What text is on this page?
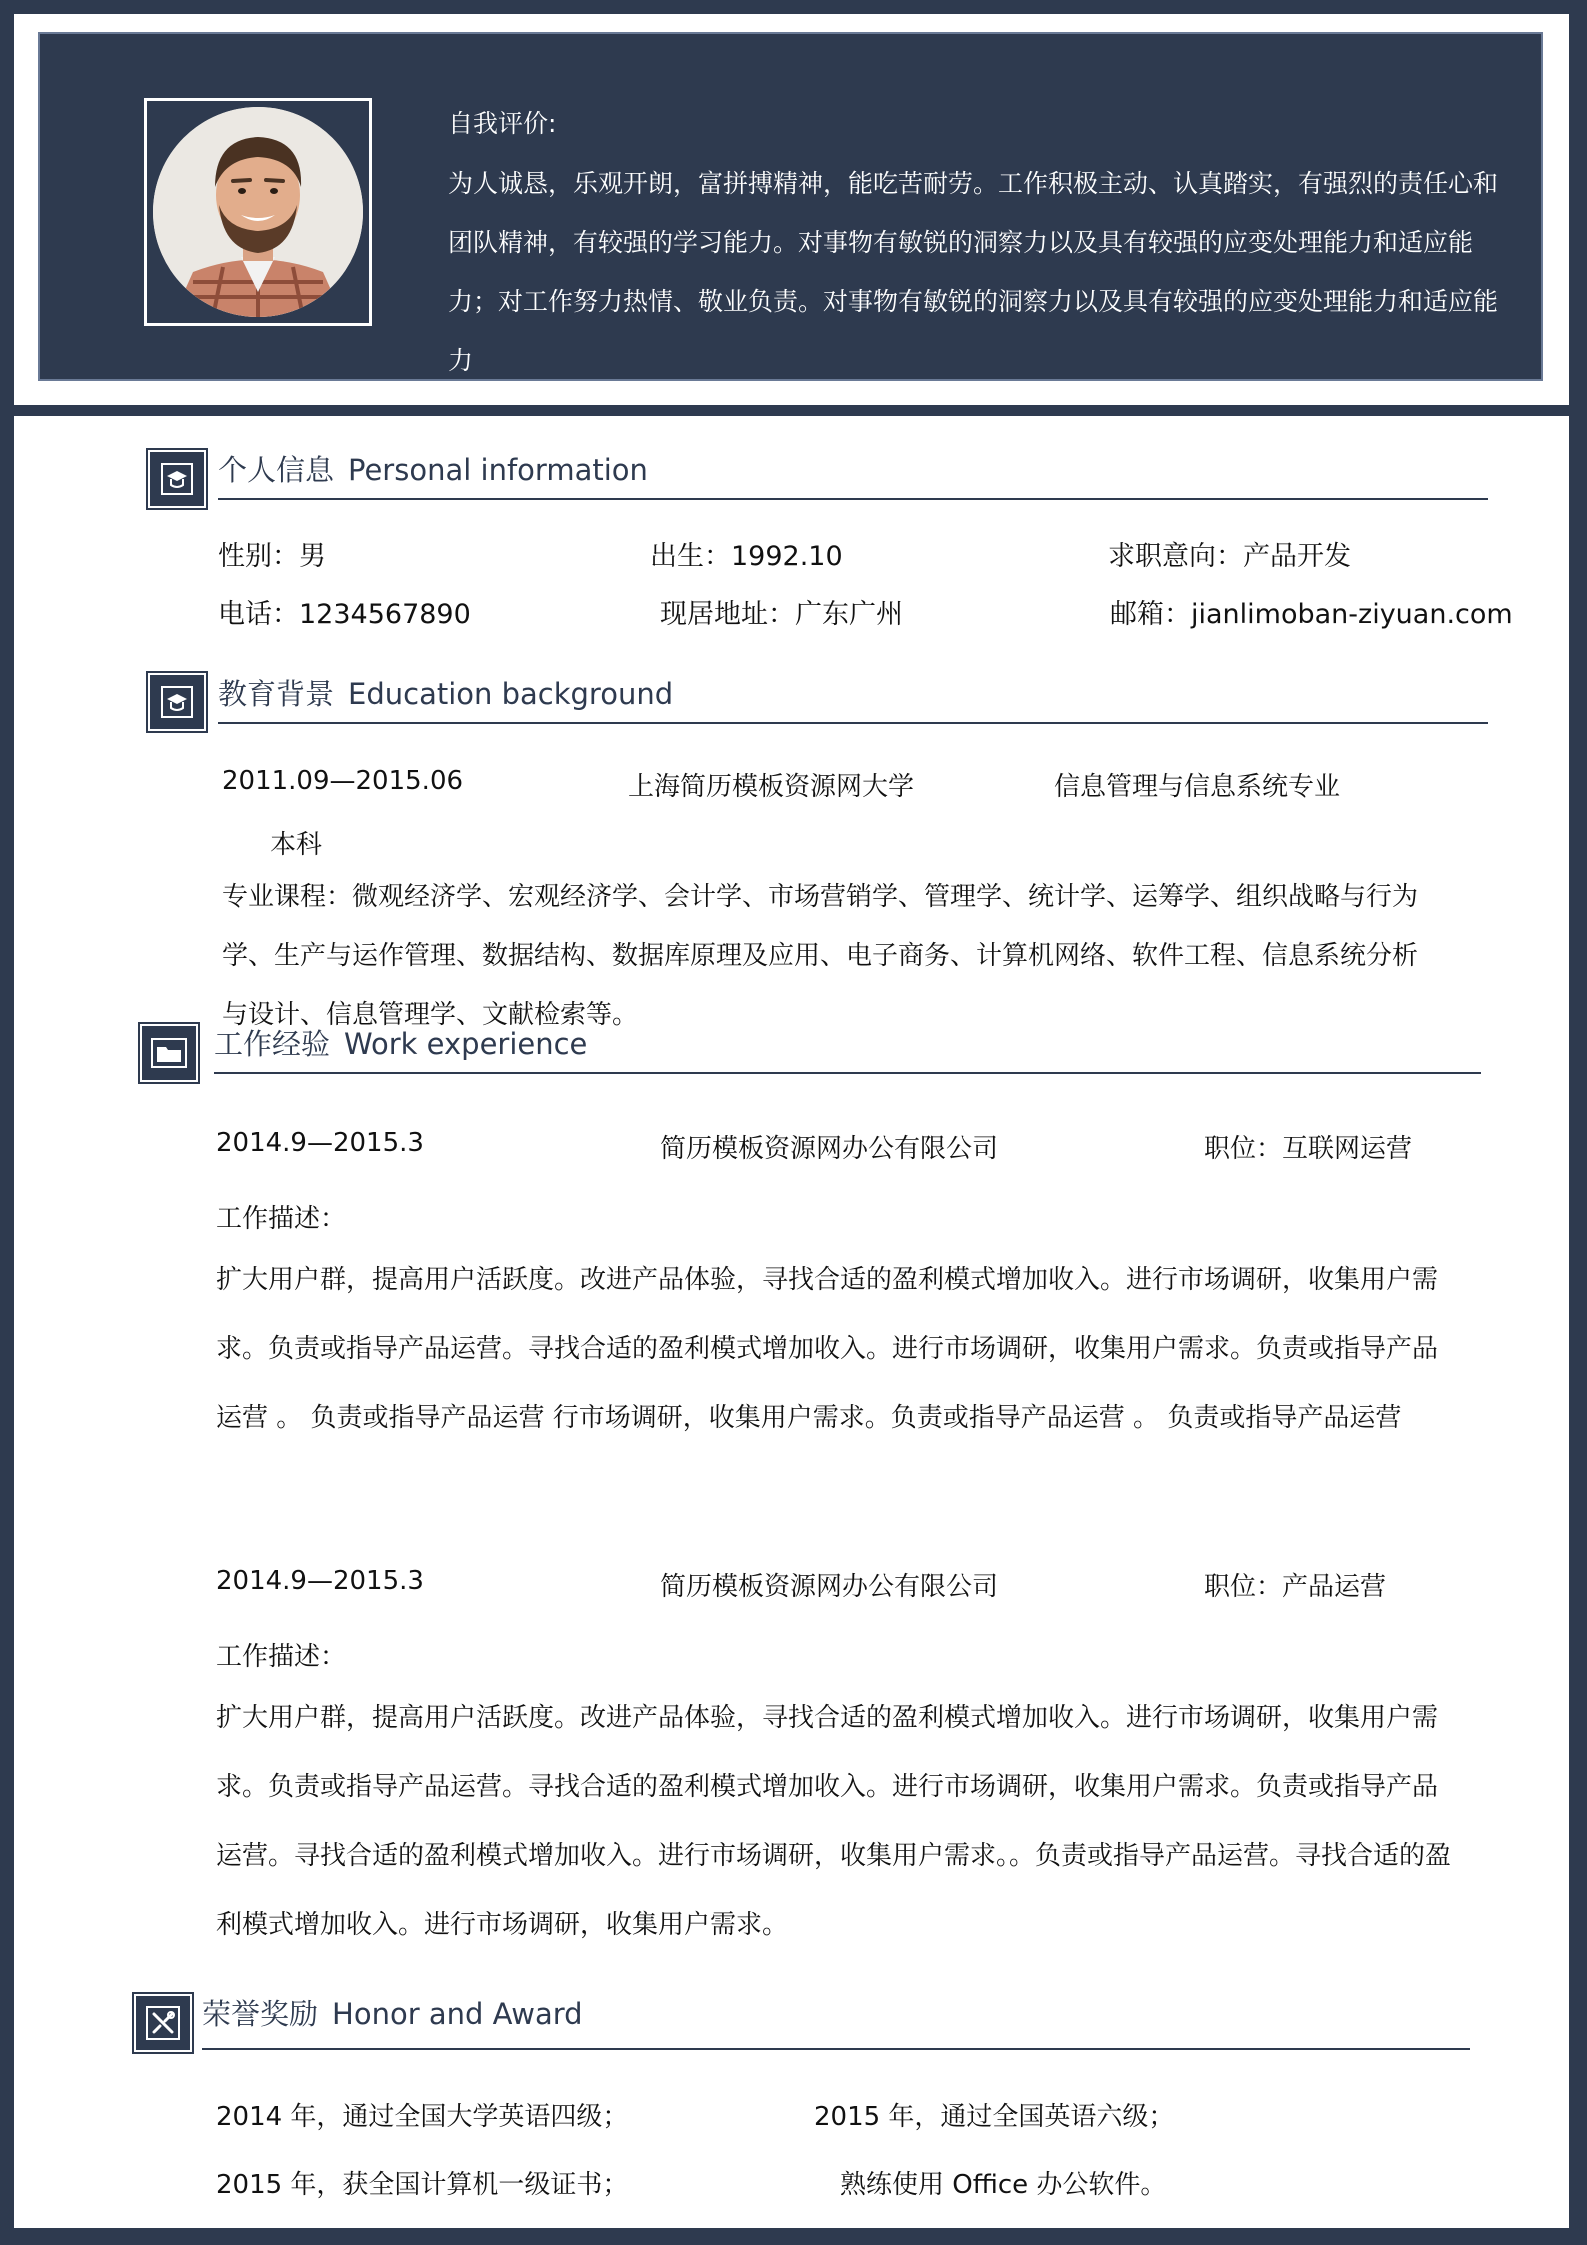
自我评价:
为人诚恳，乐观开朗，富拼搏精神，能吃苦耐劳。工作积极主动、认真踏实，有强烈的责任心和团队精神，有较强的学习能力。对事物有敏锐的洞察力以及具有较强的应变处理能力和适应能力；对工作努力热情、敬业负责。对事物有敏锐的洞察力以及具有较强的应变处理能力和适应能力
个人信息 Personal information
性别：男	出生：1992.10	求职意向：产品开发
电话：1234567890	现居地址：广东广州	邮箱：jianlimoban-ziyuan.com
教育背景 Education background
2011.09—2015.06	上海简历模板资源网大学	信息管理与信息系统专业
本科
专业课程：微观经济学、宏观经济学、会计学、市场营销学、管理学、统计学、运筹学、组织战略与行为学、生产与运作管理、数据结构、数据库原理及应用、电子商务、计算机网络、软件工程、信息系统分析与设计、信息管理学、文献检索等。
工作经验 Work experience
2014.9—2015.3	简历模板资源网办公有限公司	职位：互联网运营
工作描述：
扩大用户群，提高用户活跃度。改进产品体验，寻找合适的盈利模式增加收入。进行市场调研，收集用户需求。负责或指导产品运营。寻找合适的盈利模式增加收入。进行市场调研，收集用户需求。负责或指导产品运营 。 负责或指导产品运营 行市场调研，收集用户需求。负责或指导产品运营 。 负责或指导产品运营
2014.9—2015.3	简历模板资源网办公有限公司	职位：产品运营
工作描述：
扩大用户群，提高用户活跃度。改进产品体验，寻找合适的盈利模式增加收入。进行市场调研，收集用户需求。负责或指导产品运营。寻找合适的盈利模式增加收入。进行市场调研，收集用户需求。负责或指导产品运营。寻找合适的盈利模式增加收入。进行市场调研，收集用户需求。。负责或指导产品运营。寻找合适的盈利模式增加收入。进行市场调研，收集用户需求。
荣誉奖励 Honor and Award
2014 年，通过全国大学英语四级；	2015 年，通过全国英语六级；
2015 年，获全国计算机一级证书；	熟练使用 Office 办公软件。
